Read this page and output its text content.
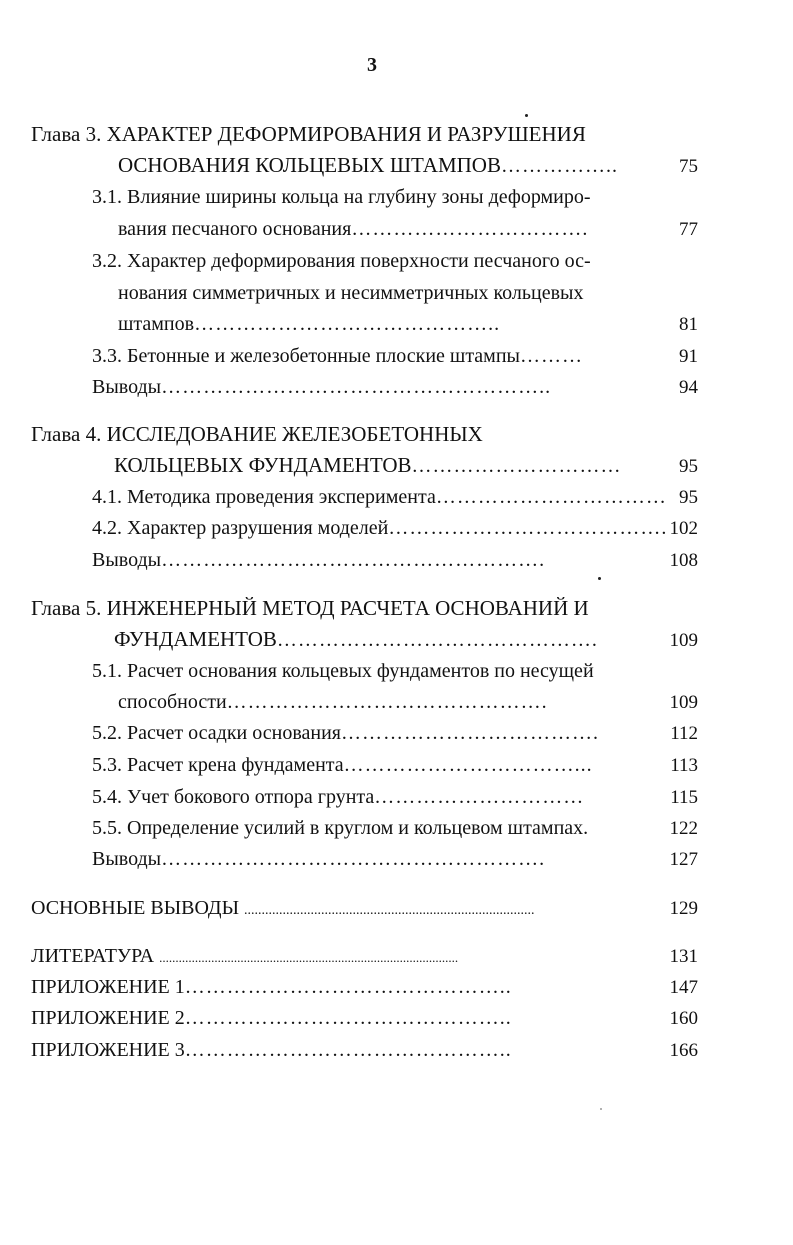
3
Глава 3. ХАРАКТЕР ДЕФОРМИРОВАНИЯ И РАЗРУШЕНИЯ
ОСНОВАНИЯ КОЛЬЦЕВЫХ ШТАМПОВ……………..	75
3.1. Влияние ширины кольца на глубину зоны деформиро-
вания песчаного основания…………………………….	77
3.2. Характер деформирования поверхности песчаного ос-
нования симметричных и несимметричных кольцевых
штампов……………………………………..	81
3.3. Бетонные и железобетонные плоские штампы………	91
Выводы………………………………………………..	94
Глава 4. ИССЛЕДОВАНИЕ ЖЕЛЕЗОБЕТОННЫХ
КОЛЬЦЕВЫХ ФУНДАМЕНТОВ…………………………	95
4.1. Методика проведения эксперимента…………………………… 95
4.2. Характер разрушения моделей…………………………………. 102
Выводы……………………………………………….	108
Глава 5. ИНЖЕНЕРНЫЙ МЕТОД РАСЧЕТА ОСНОВАНИЙ И
ФУНДАМЕНТОВ……………………………………….	109
5.1. Расчет основания кольцевых фундаментов по несущей
способности……………………………………….	109
5.2. Расчет осадки основания……………………………….	112
5.3. Расчет крена фундамента……………………………...	113
5.4. Учет бокового отпора грунта…………………………	115
5.5. Определение усилий в круглом и кольцевом штампах.	122
Выводы……………………………………………….	127
ОСНОВНЫЕ ВЫВОДЫ ...................................................................................	129
ЛИТЕРАТУРА ............................................................................................	131
ПРИЛОЖЕНИЕ 1………………………………………..	147
ПРИЛОЖЕНИЕ 2………………………………………..	160
ПРИЛОЖЕНИЕ 3………………………………………..	166
